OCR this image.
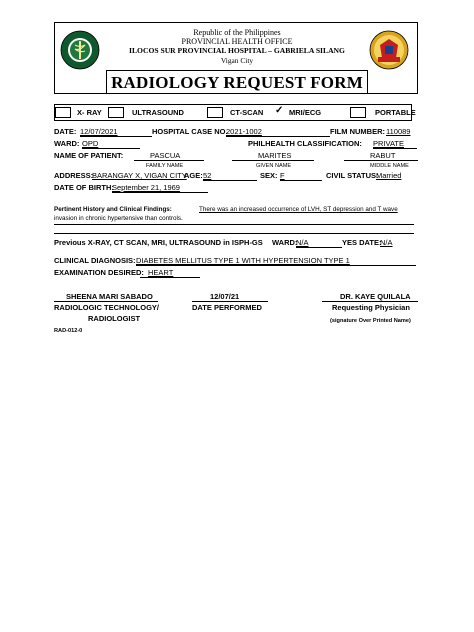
Republic of the Philippines
PROVINCIAL HEALTH OFFICE
ILOCOS SUR PROVINCIAL HOSPITAL – GABRIELA SILANG
Vigan City
RADIOLOGY REQUEST FORM
X- RAY	ULTRASOUND	CT-SCAN ✓ MRI/ECG	PORTABLE
DATE: 12/07/2021	HOSPITAL CASE NO.
2021-1002	FILM NUMBER: 110089
WARD: OPD	PHILHEALTH CLASSIFICATION: PRIVATE
NAME OF PATIENT:	PASCUA	MARITES	RABUT
FAMILY NAME	GIVEN NAME	MIDDLE NAME
ADDRESS:
BARANGAY X, VIGAN CITY
AGE: 52	SEX: F	CIVIL STATUS:
Married
DATE OF BIRTH:
September 21, 1969
Pertinent History and Clinical Findings:	There was an increased occurrence of LVH, ST depression and T wave
invasion in chronic hypertensive than controls.
Previous X-RAY, CT SCAN, MRI, ULTRASOUND in ISPH-GS WARD:
N/A	YES DATE:
N/A
CLINICAL DIAGNOSIS: DIABETES MELLITUS TYPE 1 WITH HYPERTENSION TYPE 1
EXAMINATION DESIRED: HEART
SHEENA MARI SABADO
RADIOLOGIC TECHNOLOGY/
RADIOLOGIST
12/07/21
DATE PERFORMED
DR. KAYE QUILALA
Requesting Physician
(signature Over Printed Name)
RAD-012-0
